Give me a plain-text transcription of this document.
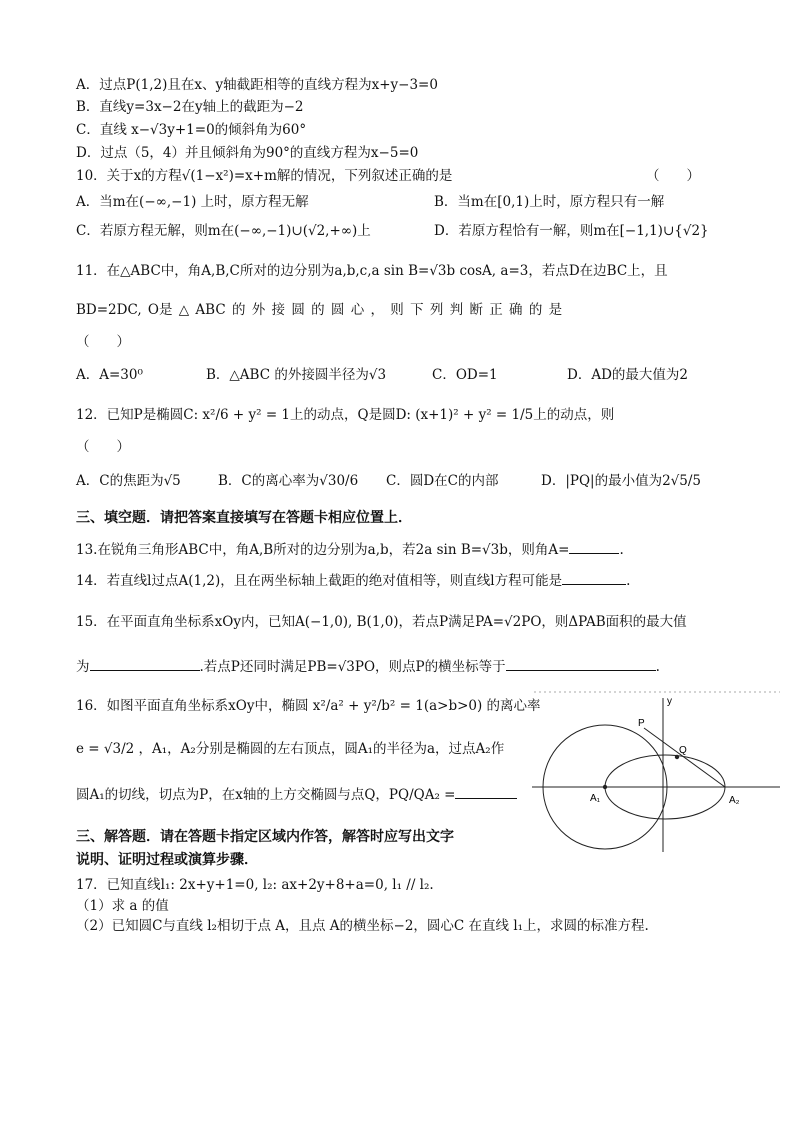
A．过点P(1,2)且在x、y轴截距相等的直线方程为x+y−3=0
B．直线y=3x−2在y轴上的截距为−2
C．直线 x−√3y+1=0的倾斜角为60°
D．过点（5，4）并且倾斜角为90°的直线方程为x−5=0
10．关于x的方程√(1−x²)=x+m解的情况，下列叙述正确的是	（　　）
A．当m在(−∞,−1) 上时，原方程无解	B．当m在[0,1)上时，原方程只有一解
C．若原方程无解，则m在(−∞,−1)∪(√2,+∞)上	D．若原方程恰有一解，则m在[−1,1)∪{√2}
11．在△ABC中，角A,B,C所对的边分别为a,b,c,a sin B=√3b cosA, a=3，若点D在边BC上，且
BD=2DC, O是 △ ABC 的 外 接 圆 的 圆 心 ， 则 下 列 判 断 正 确 的 是
（　　）
A．A=30⁰	B．△ABC 的外接圆半径为√3	C．OD=1	D．AD的最大值为2
12．已知P是椭圆C: x²/6 + y² = 1上的动点，Q是圆D: (x+1)² + y² = 1/5上的动点，则
（　　）
A．C的焦距为√5	B．C的离心率为√30/6 C．圆D在C的内部	D．|PQ|的最小值为2√5/5
三、填空题．请把答案直接填写在答题卡相应位置上．
13.在锐角三角形ABC中，角A,B所对的边分别为a,b，若2a sin B=√3b，则角A=	.
14．若直线l过点A(1,2)，且在两坐标轴上截距的绝对值相等，则直线l方程可能是	.
15．在平面直角坐标系xOy内，已知A(−1,0), B(1,0)，若点P满足PA=√2PO，则ΔPAB面积的最大值
为	.若点P还同时满足PB=√3PO，则点P的横坐标等于	.
16．如图平面直角坐标系xOy中，椭圆 x²/a² + y²/b² = 1(a>b>0) 的离心率
e = √3/2 ，A₁，A₂分别是椭圆的左右顶点，圆A₁的半径为a，过点A₂作
圆A₁的切线，切点为P，在x轴的上方交椭圆与点Q，PQ/QA₂ =
y
P
Q
A₁	A₂
三、解答题．请在答题卡指定区域内作答，解答时应写出文字
说明、证明过程或演算步骤．
17．已知直线l₁: 2x+y+1=0, l₂: ax+2y+8+a=0, l₁ // l₂.
（1）求 a 的值
（2）已知圆C与直线 l₂相切于点 A，且点 A的横坐标−2，圆心C 在直线 l₁上，求圆的标准方程.
